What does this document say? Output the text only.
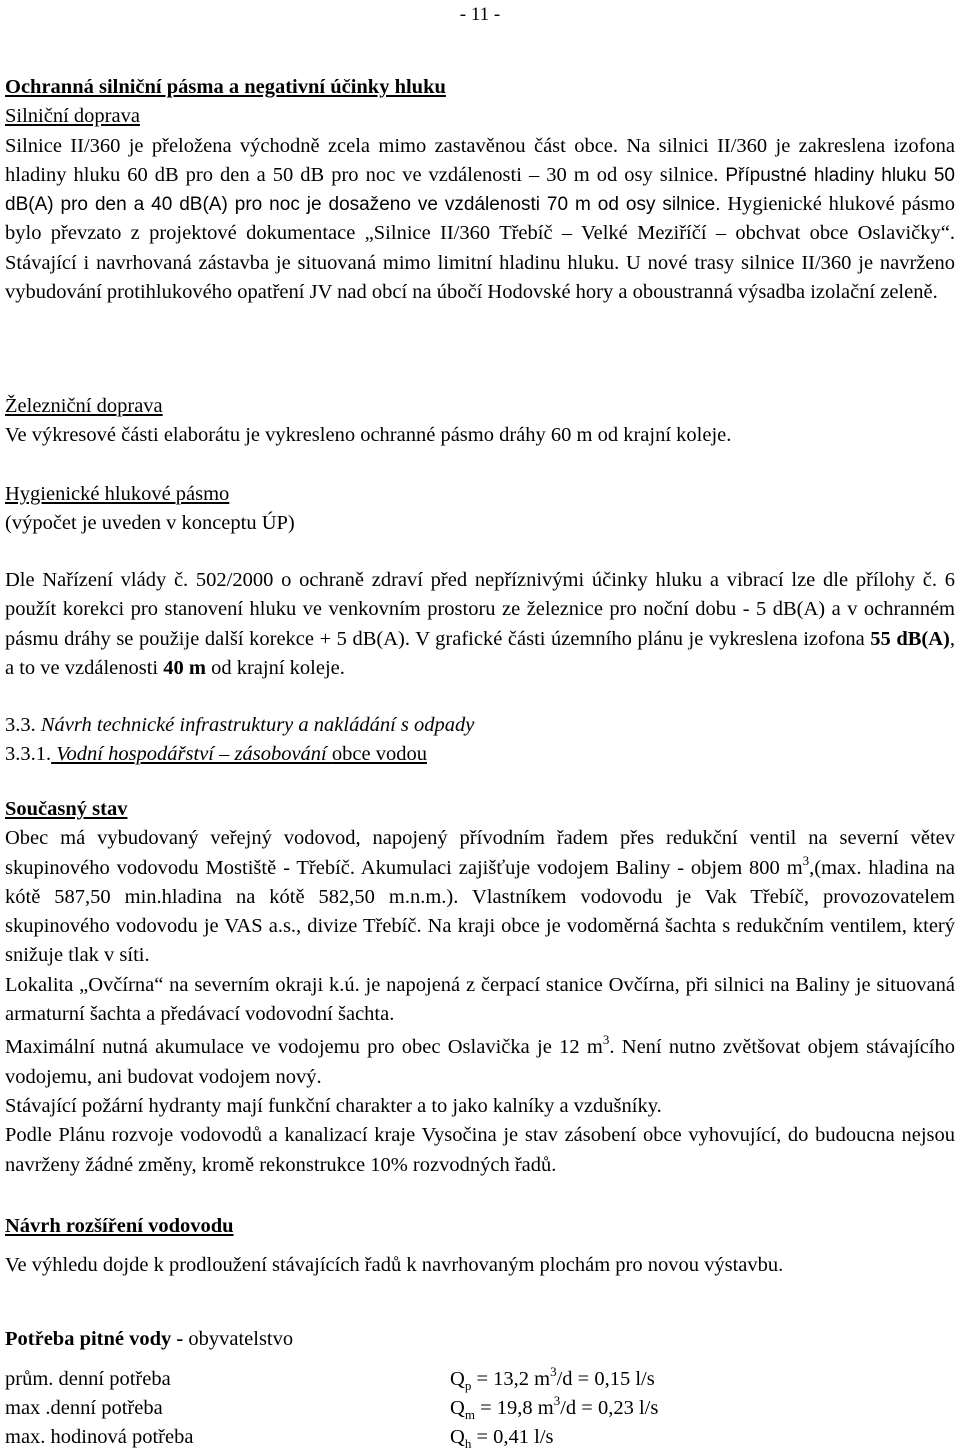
- 11 -
Ochranná silniční pásma a negativní účinky hluku
Silniční doprava
Silnice II/360 je přeložena východně zcela mimo zastavěnou část obce. Na silnici II/360 je zakreslena izofona hladiny hluku 60 dB pro den a 50 dB pro noc ve vzdálenosti – 30 m od osy silnice. Přípustné hladiny hluku 50 dB(A) pro den a 40 dB(A) pro noc je dosaženo ve vzdálenosti 70 m od osy silnice. Hygienické hlukové pásmo bylo převzato z projektové dokumentace „Silnice II/360 Třebíč – Velké Meziříčí – obchvat obce Oslavičky“. Stávající i navrhovaná zástavba je situovaná mimo limitní hladinu hluku. U nové trasy silnice II/360 je navrženo vybudování protihlukového opatření JV nad obcí na úbočí Hodovské hory a oboustranná výsadba izolační zeleně.
Železniční doprava
Ve výkresové části elaborátu je vykresleno ochranné pásmo dráhy 60 m od krajní koleje.
Hygienické hlukové pásmo
(výpočet je uveden v konceptu ÚP)
Dle Nařízení vlády č. 502/2000 o ochraně zdraví před nepříznivými účinky hluku a vibrací lze dle přílohy č. 6 použít korekci pro stanovení hluku ve venkovním prostoru ze železnice pro noční dobu - 5 dB(A) a v ochranném pásmu dráhy se použije další korekce + 5 dB(A). V grafické části územního plánu je vykreslena izofona 55 dB(A), a to ve vzdálenosti 40 m od krajní koleje.
3.3. Návrh technické infrastruktury a nakládání s odpady
3.3.1. Vodní hospodářství – zásobování obce vodou
Současný stav
Obec má vybudovaný veřejný vodovod, napojený přívodním řadem přes redukční ventil na severní větev skupinového vodovodu Mostiště - Třebíč. Akumulaci zajišťuje vodojem Baliny - objem 800 $m^3,(\max$. hladina na kótě 587,50 min.hladina na kótě 582,50 m.n.m.). Vlastníkem vodovodu je Vak Třebíč, provozovatelem skupinového vodovodu je VAS a.s., divize Třebíč. Na kraji obce je vodoměrná šachta s redukčním ventilem, který snižuje tlak v síti.
Lokalita „Ovčírna“ na severním okraji k.ú. je napojená z čerpací stanice Ovčírna, při silnici na Baliny je situovaná armaturní šachta a předávací vodovodní šachta.
Maximální nutná akumulace ve vodojemu pro obec Oslavička je 12 $m^3$. Není nutno zvětšovat objem stávajícího vodojemu, ani budovat vodojem nový.
Stávající požární hydranty mají funkční charakter a to jako kalníky a vzdušníky.
Podle Plánu rozvoje vodovodů a kanalizací kraje Vysočina je stav zásobení obce vyhovující, do budoucna nejsou navrženy žádné změny, kromě rekonstrukce 10% rozvodných řadů.
Návrh rozšíření vodovodu
Ve výhledu dojde k prodloužení stávajících řadů k navrhovaným plochám pro novou výstavbu.
Potřeba pitné vody - obyvatelstvo
prům. denní potřeba	$Q_p = 13,2$ $m^3/d = 0,15$ l/s
max .denní potřeba	$Q_m = 19,8$ $m^3/d = 0,23$ l/s
max. hodinová potřeba	$Q_h = 0,41$ l/s
